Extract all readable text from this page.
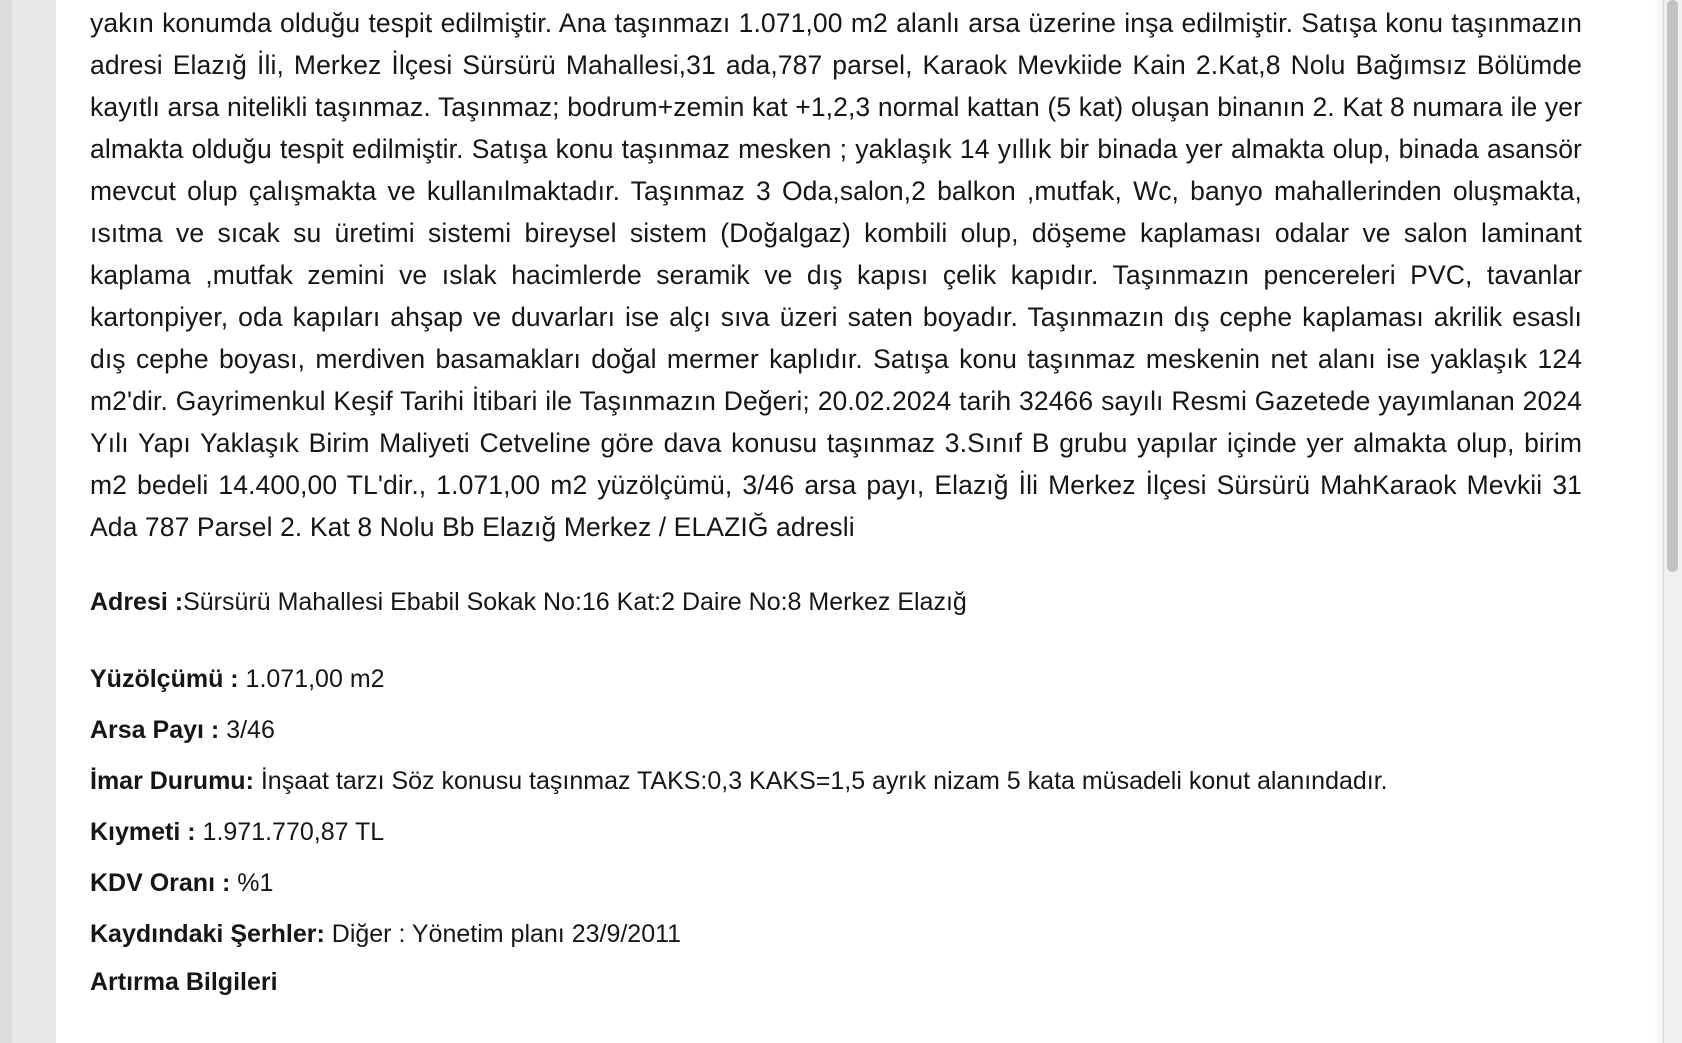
yakın konumda olduğu tespit edilmiştir. Ana taşınmazı 1.071,00 m2 alanlı arsa üzerine inşa edilmiştir. Satışa konu taşınmazın adresi Elazığ İli, Merkez İlçesi Sürsürü Mahallesi,31 ada,787 parsel, Karaok Mevkiide Kain 2.Kat,8 Nolu Bağımsız Bölümde kayıtlı arsa nitelikli taşınmaz. Taşınmaz; bodrum+zemin kat +1,2,3 normal kattan (5 kat) oluşan binanın 2. Kat 8 numara ile yer almakta olduğu tespit edilmiştir. Satışa konu taşınmaz mesken ; yaklaşık 14 yıllık bir binada yer almakta olup, binada asansör mevcut olup çalışmakta ve kullanılmaktadır. Taşınmaz 3 Oda,salon,2 balkon ,mutfak, Wc, banyo mahallerinden oluşmakta, ısıtma ve sıcak su üretimi sistemi bireysel sistem (Doğalgaz) kombili olup, döşeme kaplaması odalar ve salon laminant kaplama ,mutfak zemini ve ıslak hacimlerde seramik ve dış kapısı çelik kapıdır. Taşınmazın pencereleri PVC, tavanlar kartonpiyer, oda kapıları ahşap ve duvarları ise alçı sıva üzeri saten boyadır. Taşınmazın dış cephe kaplaması akrilik esaslı dış cephe boyası, merdiven basamakları doğal mermer kaplıdır. Satışa konu taşınmaz meskenin net alanı ise yaklaşık 124 m2'dir. Gayrimenkul Keşif Tarihi İtibari ile Taşınmazın Değeri; 20.02.2024 tarih 32466 sayılı Resmi Gazetede yayımlanan 2024 Yılı Yapı Yaklaşık Birim Maliyeti Cetveline göre dava konusu taşınmaz 3.Sınıf B grubu yapılar içinde yer almakta olup, birim m2 bedeli 14.400,00 TL'dir., 1.071,00 m2 yüzölçümü, 3/46 arsa payı, Elazığ İli Merkez İlçesi Sürsürü MahKaraok Mevkii 31 Ada 787 Parsel 2. Kat 8 Nolu Bb Elazığ Merkez / ELAZIĞ adresli

Adresi :Sürsürü Mahallesi Ebabil Sokak No:16 Kat:2 Daire No:8 Merkez Elazığ
Yüzölçümü : 1.071,00 m2
Arsa Payı : 3/46
İmar Durumu: İnşaat tarzı Söz konusu taşınmaz TAKS:0,3 KAKS=1,5 ayrık nizam 5 kata müsadeli konut alanındadır.
Kıymeti : 1.971.770,87 TL
KDV Oranı : %1
Kaydındaki Şerhler: Diğer : Yönetim planı 23/9/2011
Artırma Bilgileri
